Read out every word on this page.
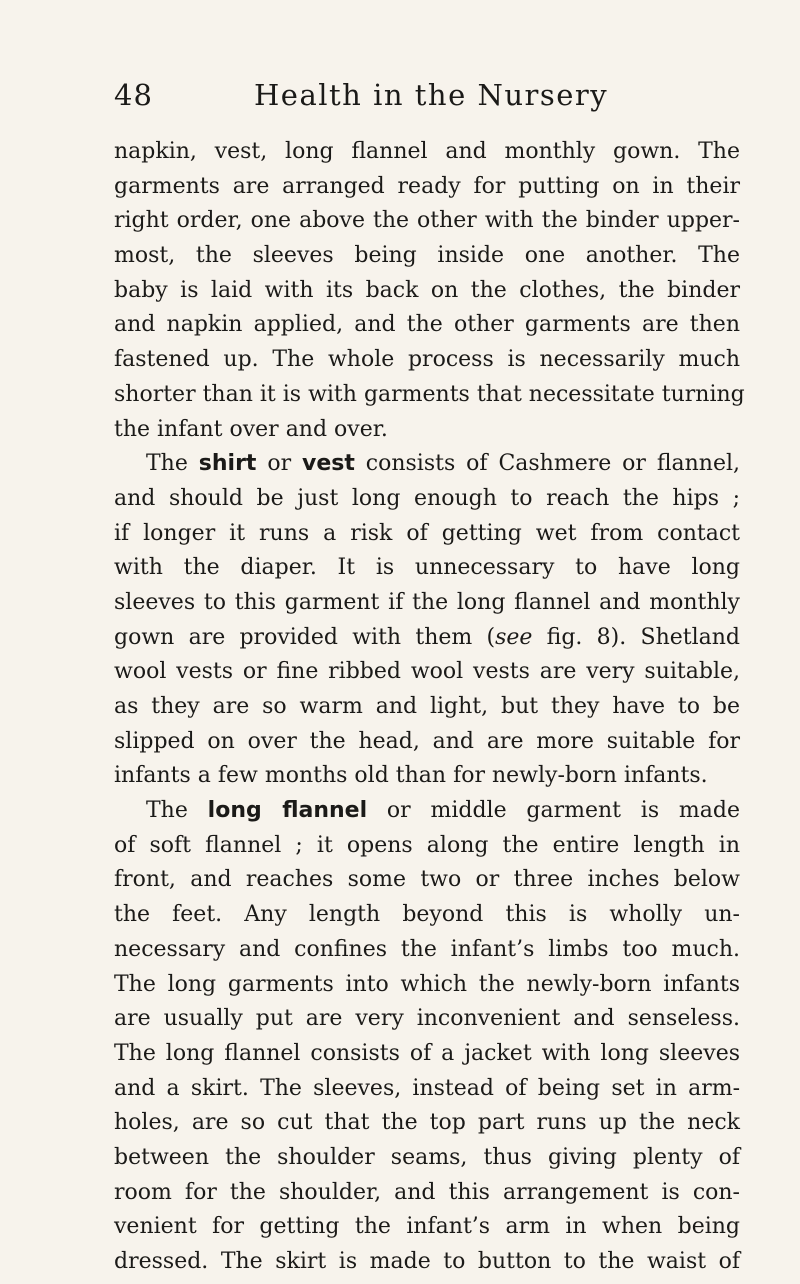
48	Health in the Nursery
napkin, vest, long flannel and monthly gown. The
garments are arranged ready for putting on in their
right order, one above the other with the binder upper-
most, the sleeves being inside one another. The
baby is laid with its back on the clothes, the binder
and napkin applied, and the other garments are then
fastened up. The whole process is necessarily much
shorter than it is with garments that necessitate turning
the infant over and over.
The shirt or vest consists of Cashmere or flannel,
and should be just long enough to reach the hips ;
if longer it runs a risk of getting wet from contact
with the diaper. It is unnecessary to have long
sleeves to this garment if the long flannel and monthly
gown are provided with them (see fig. 8). Shetland
wool vests or fine ribbed wool vests are very suitable,
as they are so warm and light, but they have to be
slipped on over the head, and are more suitable for
infants a few months old than for newly-born infants.
The long flannel or middle garment is made
of soft flannel ; it opens along the entire length in
front, and reaches some two or three inches below
the feet. Any length beyond this is wholly un-
necessary and confines the infant’s limbs too much.
The long garments into which the newly-born infants
are usually put are very inconvenient and senseless.
The long flannel consists of a jacket with long sleeves
and a skirt. The sleeves, instead of being set in arm-
holes, are so cut that the top part runs up the neck
between the shoulder seams, thus giving plenty of
room for the shoulder, and this arrangement is con-
venient for getting the infant’s arm in when being
dressed. The skirt is made to button to the waist of
